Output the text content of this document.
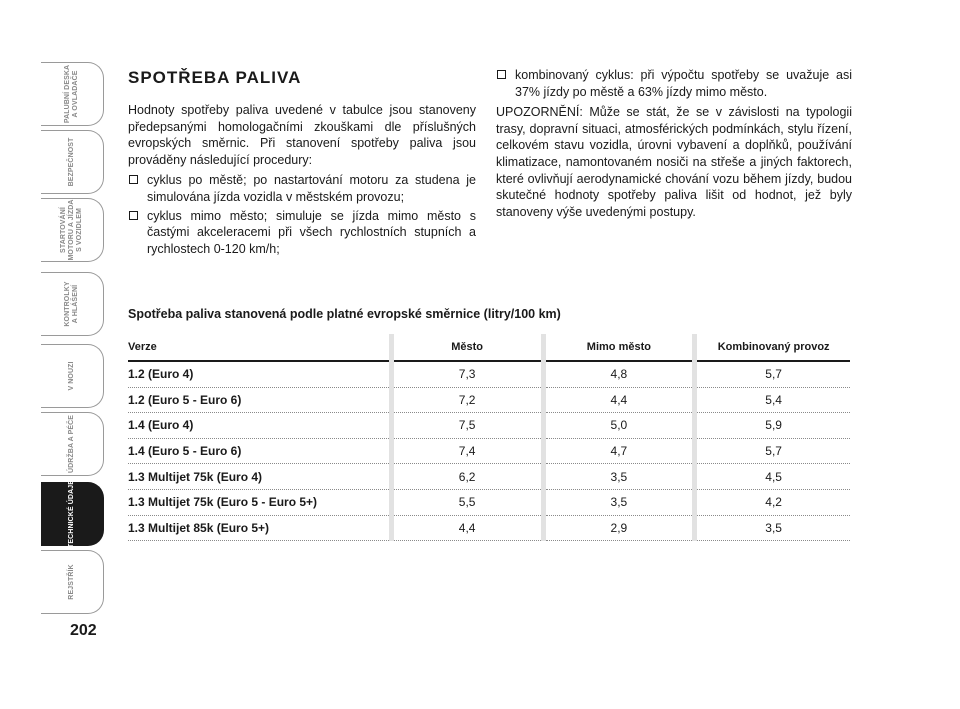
PALUBNÍ DESKA
A OVLADAČE
BEZPEČNOST
STARTOVÁNÍ
MOTORU A JÍZDA
S VOZIDLEM
KONTROLKY
A HLÁŠENÍ
V NOUZI
ÚDRŽBA A PÉČE
TECHNICKÉ ÚDAJE
REJSTŘÍK
202
SPOTŘEBA PALIVA

Hodnoty spotřeby paliva uvedené v tabulce jsou stanoveny předepsanými homologačními zkouškami dle příslušných evropských směrnic. Při stanovení spotřeby paliva jsou prováděny následující procedury:

cyklus po městě; po nastartování motoru za studena je simulována jízda vozidla v městském provozu;
cyklus mimo město; simuluje se jízda mimo město s častými akceleracemi při všech rychlostních stupních a rychlostech 0-120 km/h;
kombinovaný cyklus: při výpočtu spotřeby se uvažuje asi 37% jízdy po městě a 63% jízdy mimo město.

UPOZORNĚNÍ: Může se stát, že se v závislosti na typologii trasy, dopravní situaci, atmosférických podmínkách, stylu řízení, celkovém stavu vozidla, úrovni vybavení a doplňků, používání klimatizace, namontovaném nosiči na střeše a jiných faktorech, které ovlivňují aerodynamické chování vozu během jízdy, budou skutečné hodnoty spotřeby paliva lišit od hodnot, jež byly stanoveny výše uvedenými postupy.

Spotřeba paliva stanovená podle platné evropské směrnice (litry/100 km)
Verze	Město	Mimo město	Kombinovaný provoz
1.2 (Euro 4)	7,3	4,8	5,7
1.2 (Euro 5 - Euro 6)	7,2	4,4	5,4
1.4 (Euro 4)	7,5	5,0	5,9
1.4 (Euro 5 - Euro 6)	7,4	4,7	5,7
1.3 Multijet 75k (Euro 4)	6,2	3,5	4,5
1.3 Multijet 75k (Euro 5 - Euro 5+)	5,5	3,5	4,2
1.3 Multijet 85k (Euro 5+)	4,4	2,9	3,5
